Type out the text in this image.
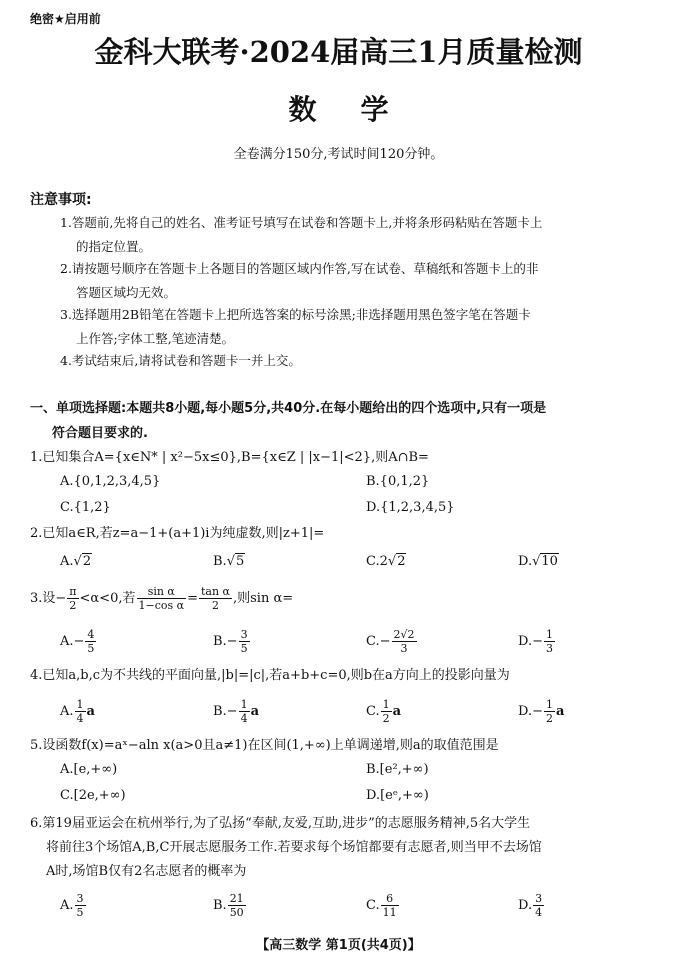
绝密★启用前
金科大联考·2024届高三1月质量检测
数学
全卷满分150分,考试时间120分钟。
注意事项:
1.答题前,先将自己的姓名、准考证号填写在试卷和答题卡上,并将条形码粘贴在答题卡上
的指定位置。
2.请按题号顺序在答题卡上各题目的答题区域内作答,写在试卷、草稿纸和答题卡上的非
答题区域均无效。
3.选择题用2B铅笔在答题卡上把所选答案的标号涂黑;非选择题用黑色签字笔在答题卡
上作答;字体工整,笔迹清楚。
4.考试结束后,请将试卷和答题卡一并上交。
一、单项选择题:本题共8小题,每小题5分,共40分.在每小题给出的四个选项中,只有一项是
符合题目要求的.
1.已知集合A={x∈N* | x²−5x≤0},B={x∈Z | |x−1|<2},则A∩B=
A.{0,1,2,3,4,5}	B.{0,1,2}
C.{1,2}	D.{1,2,3,4,5}
2.已知a∈R,若z=a−1+(a+1)i为纯虚数,则|z+1|=
A.√2	B.√5	C.2√2	D.√10
3.设− $\frac{\pi}{2} <\alpha<0$,若 $\frac{\text{sin α}}{\text{1−cos α}} = \frac{\text{tan α}}{2}$ ,则sin α=
$A.- \frac{4}{5}$	$B.- \frac{3}{5}$	$C.- \frac{2√2}{3}$	$D.- \frac{1}{3}$
4.已知a,b,c为不共线的平面向量,|b|=|c|,若a+b+c=0,则b在a方向上的投影向量为
A. $\frac{1}{4}$ a	$B.- \frac{1}{4}$ a	C. $\frac{1}{2}$ a	$D.- \frac{1}{2}$ a
5.设函数f(x)=aˣ−aln x(a>0且a≠1)在区间(1,+∞)上单调递增,则a的取值范围是
A.[e,+∞)	B.[e²,+∞)
C.[2e,+∞)	D.[eᵉ,+∞)
6.第19届亚运会在杭州举行,为了弘扬“奉献,友爱,互助,进步”的志愿服务精神,5名大学生
将前往3个场馆A,B,C开展志愿服务工作.若要求每个场馆都要有志愿者,则当甲不去场馆
A时,场馆B仅有2名志愿者的概率为
A. $\frac{3}{5}$	B. $\frac{21}{50}$	C. $\frac{6}{11}$	D. $\frac{3}{4}$
【高三数学 第1页(共4页)】
